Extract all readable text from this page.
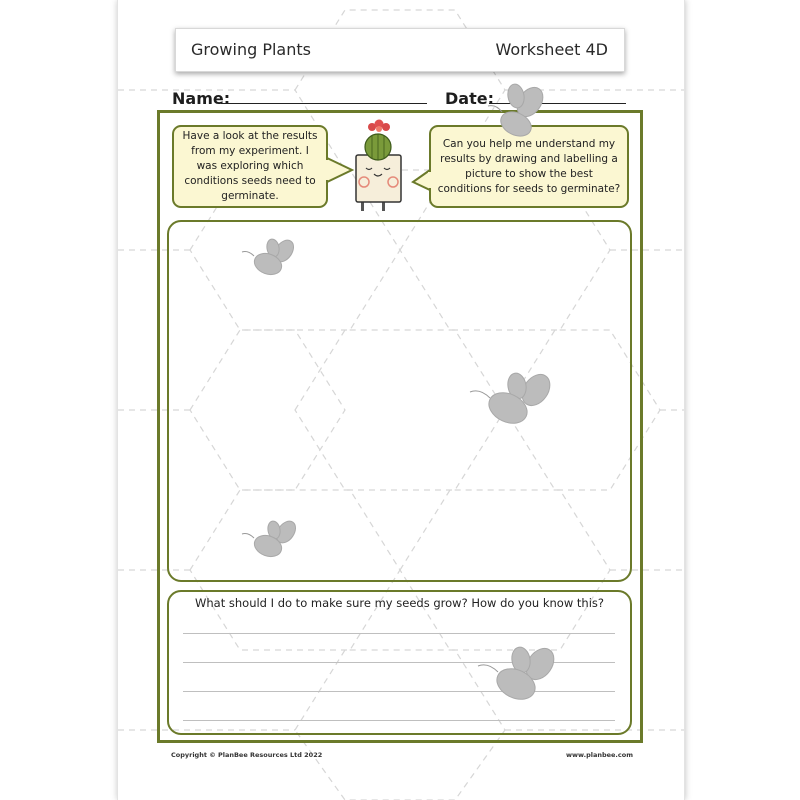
Growing Plants	Worksheet 4D
Name:	Date:
Have a look at the results from my experiment. I was exploring which conditions seeds need to germinate.
Can you help me understand my results by drawing and labelling a picture to show the best conditions for seeds to germinate?
What should I do to make sure my seeds grow? How do you know this?
Copyright © PlanBee Resources Ltd 2022	www.planbee.com
